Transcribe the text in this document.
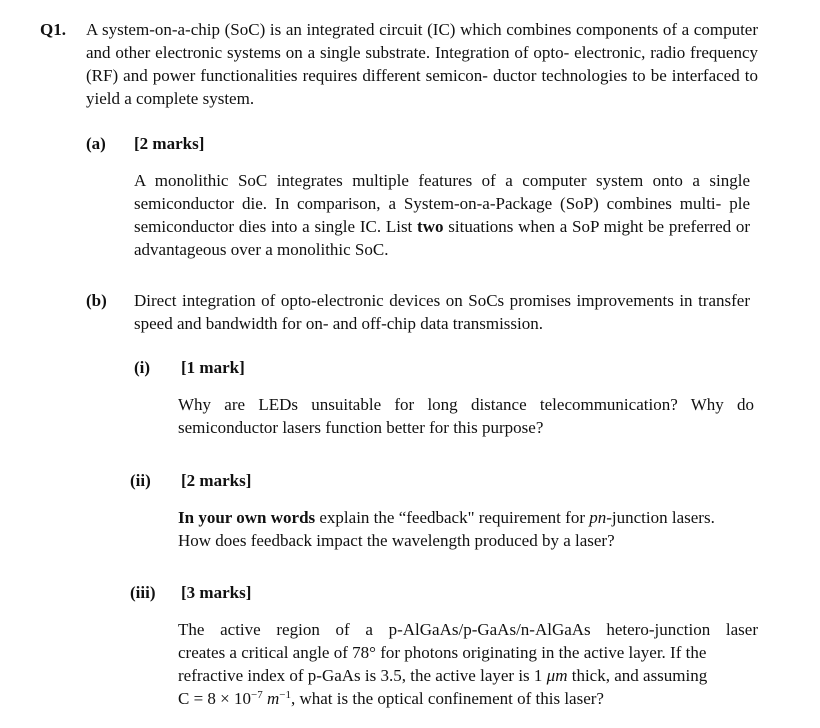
Q1. A system-on-a-chip (SoC) is an integrated circuit (IC) which combines components of a computer and other electronic systems on a single substrate. Integration of opto- electronic, radio frequency (RF) and power functionalities requires different semicon- ductor technologies to be interfaced to yield a complete system.
(a) [2 marks]
A monolithic SoC integrates multiple features of a computer system onto a single semiconductor die. In comparison, a System-on-a-Package (SoP) combines multi- ple semiconductor dies into a single IC. List two situations when a SoP might be preferred or advantageous over a monolithic SoC.
(b) Direct integration of opto-electronic devices on SoCs promises improvements in transfer speed and bandwidth for on- and off-chip data transmission.
(i) [1 mark]
Why are LEDs unsuitable for long distance telecommunication? Why do semiconductor lasers function better for this purpose?
(ii) [2 marks]
In your own words explain the “feedback" requirement for pn-junction lasers.
How does feedback impact the wavelength produced by a laser?
(iii) [3 marks]
The active region of a p-AlGaAs/p-GaAs/n-AlGaAs hetero-junction laser
creates a critical angle of 78° for photons originating in the active layer. If the
refractive index of p-GaAs is 3.5, the active layer is 1 μm thick, and assuming
$C = 8 \times 10^{-7}$ $m^{-1}$, what is the optical confinement of this laser?
